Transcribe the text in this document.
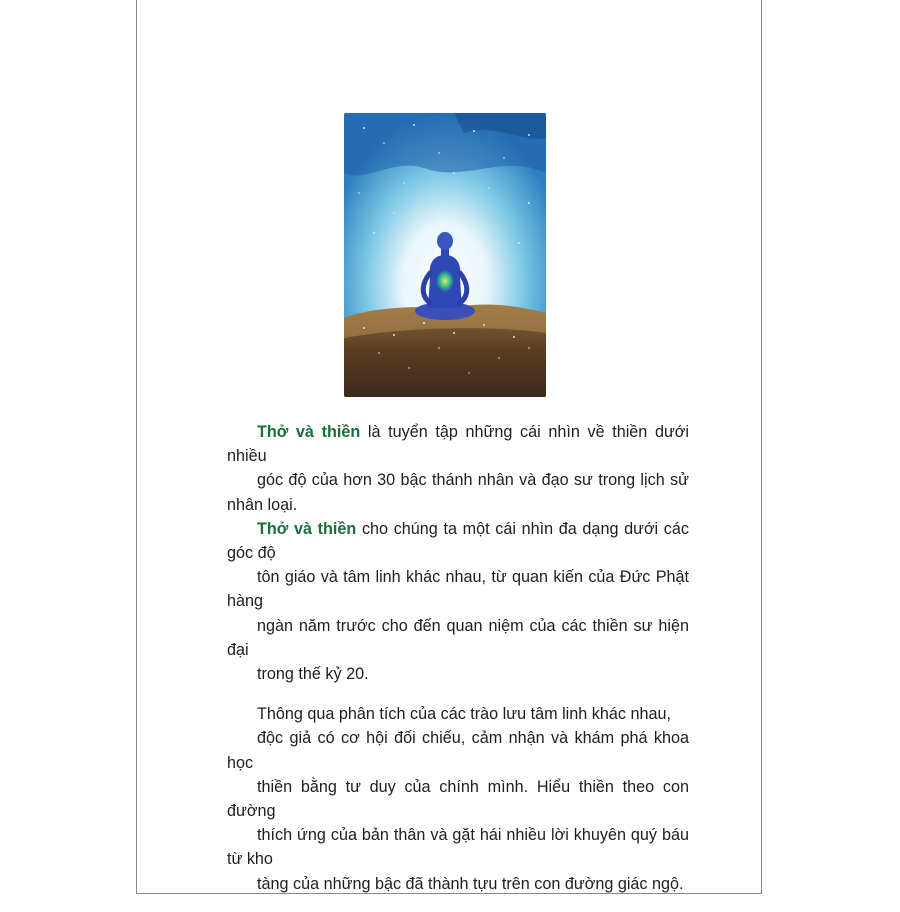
Thở và thiền là tuyển tập những cái nhìn về thiền dưới nhiều
góc độ của hơn 30 bậc thánh nhân và đạo sư trong lịch sử nhân loại.
Thở và thiền cho chúng ta một cái nhìn đa dạng dưới các góc độ
tôn giáo và tâm linh khác nhau, từ quan kiến của Đức Phật hàng
ngàn năm trước cho đến quan niệm của các thiền sư hiện đại
trong thế kỷ 20.

Thông qua phân tích của các trào lưu tâm linh khác nhau,
độc giả có cơ hội đối chiếu, cảm nhận và khám phá khoa học
thiền bằng tư duy của chính mình. Hiểu thiền theo con đường
thích ứng của bản thân và gặt hái nhiều lời khuyên quý báu từ kho
tàng của những bậc đã thành tựu trên con đường giác ngộ.
